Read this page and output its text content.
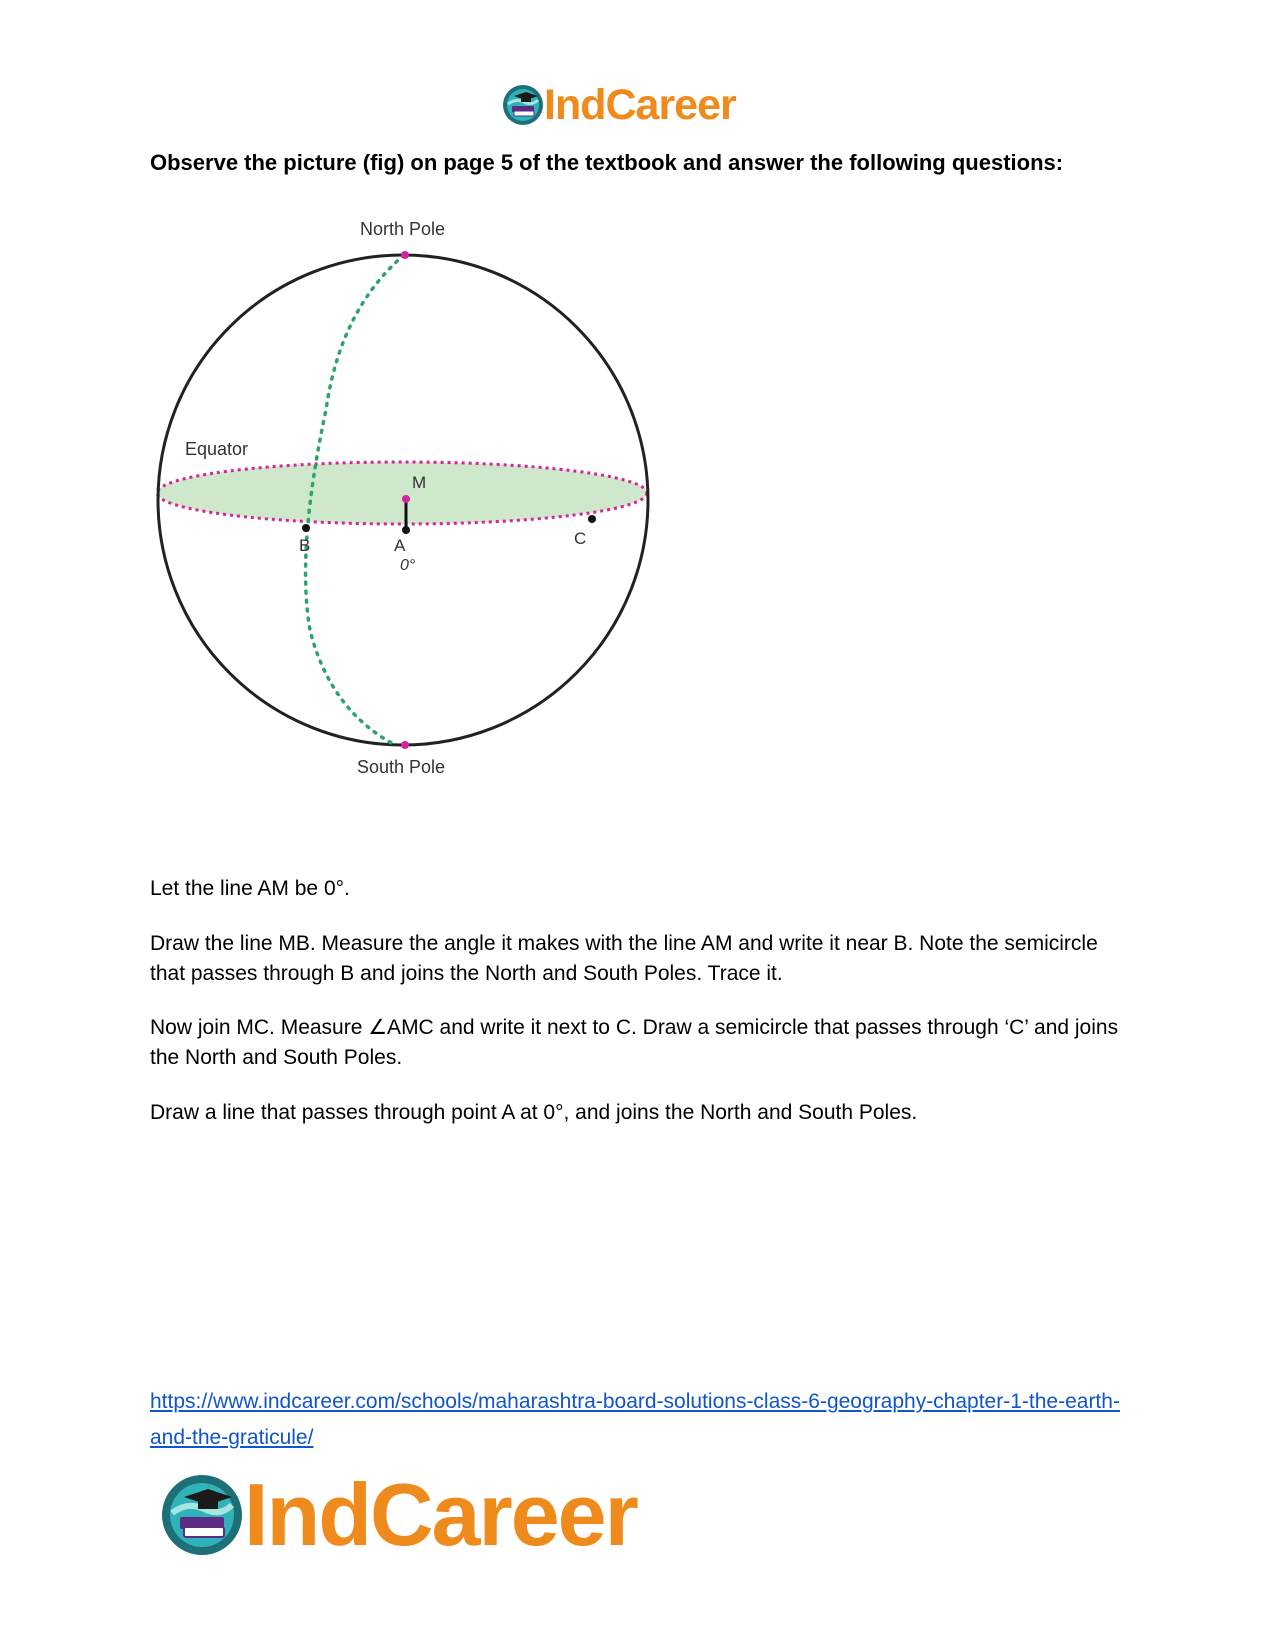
IndCareer
Observe the picture (fig) on page 5 of the textbook and answer the following questions:
North Pole
South Pole
Equator
M
A
B	C
0°

Let the line AM be 0°.

Draw the line MB. Measure the angle it makes with the line AM and write it near B. Note the semicircle that passes through B and joins the North and South Poles. Trace it.

Now join MC. Measure ∠AMC and write it next to C. Draw a semicircle that passes through ‘C’ and joins the North and South Poles.

Draw a line that passes through point A at 0°, and joins the North and South Poles.

https://www.indcareer.com/schools/maharashtra-board-solutions-class-6-geography-chapter-1-the-earth-and-the-graticule/
IndCareer
